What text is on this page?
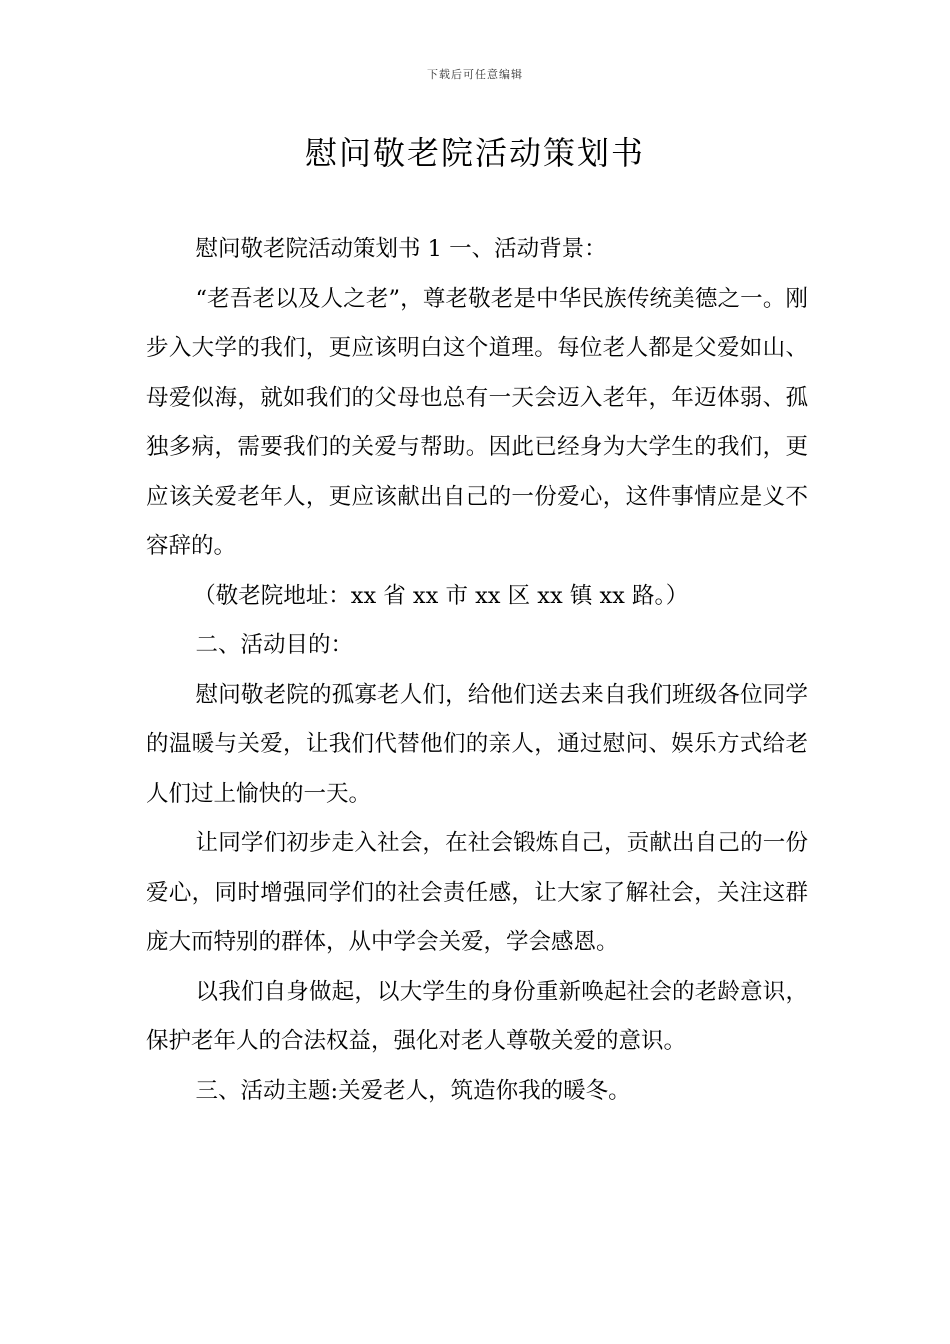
下载后可任意编辑
慰问敬老院活动策划书

慰问敬老院活动策划书 1 一、活动背景：

“老吾老以及人之老”，尊老敬老是中华民族传统美德之一。刚步入大学的我们，更应该明白这个道理。每位老人都是父爱如山、母爱似海，就如我们的父母也总有一天会迈入老年，年迈体弱、孤独多病，需要我们的关爱与帮助。因此已经身为大学生的我们，更应该关爱老年人，更应该献出自己的一份爱心，这件事情应是义不容辞的。

（敬老院地址：xx 省 xx 市 xx 区 xx 镇 xx 路。）

二、活动目的：

慰问敬老院的孤寡老人们，给他们送去来自我们班级各位同学的温暖与关爱，让我们代替他们的亲人，通过慰问、娱乐方式给老人们过上愉快的一天。

让同学们初步走入社会，在社会锻炼自己，贡献出自己的一份爱心，同时增强同学们的社会责任感，让大家了解社会，关注这群庞大而特别的群体，从中学会关爱，学会感恩。

以我们自身做起，以大学生的身份重新唤起社会的老龄意识，保护老年人的合法权益，强化对老人尊敬关爱的意识。

三、活动主题:关爱老人，筑造你我的暖冬。
